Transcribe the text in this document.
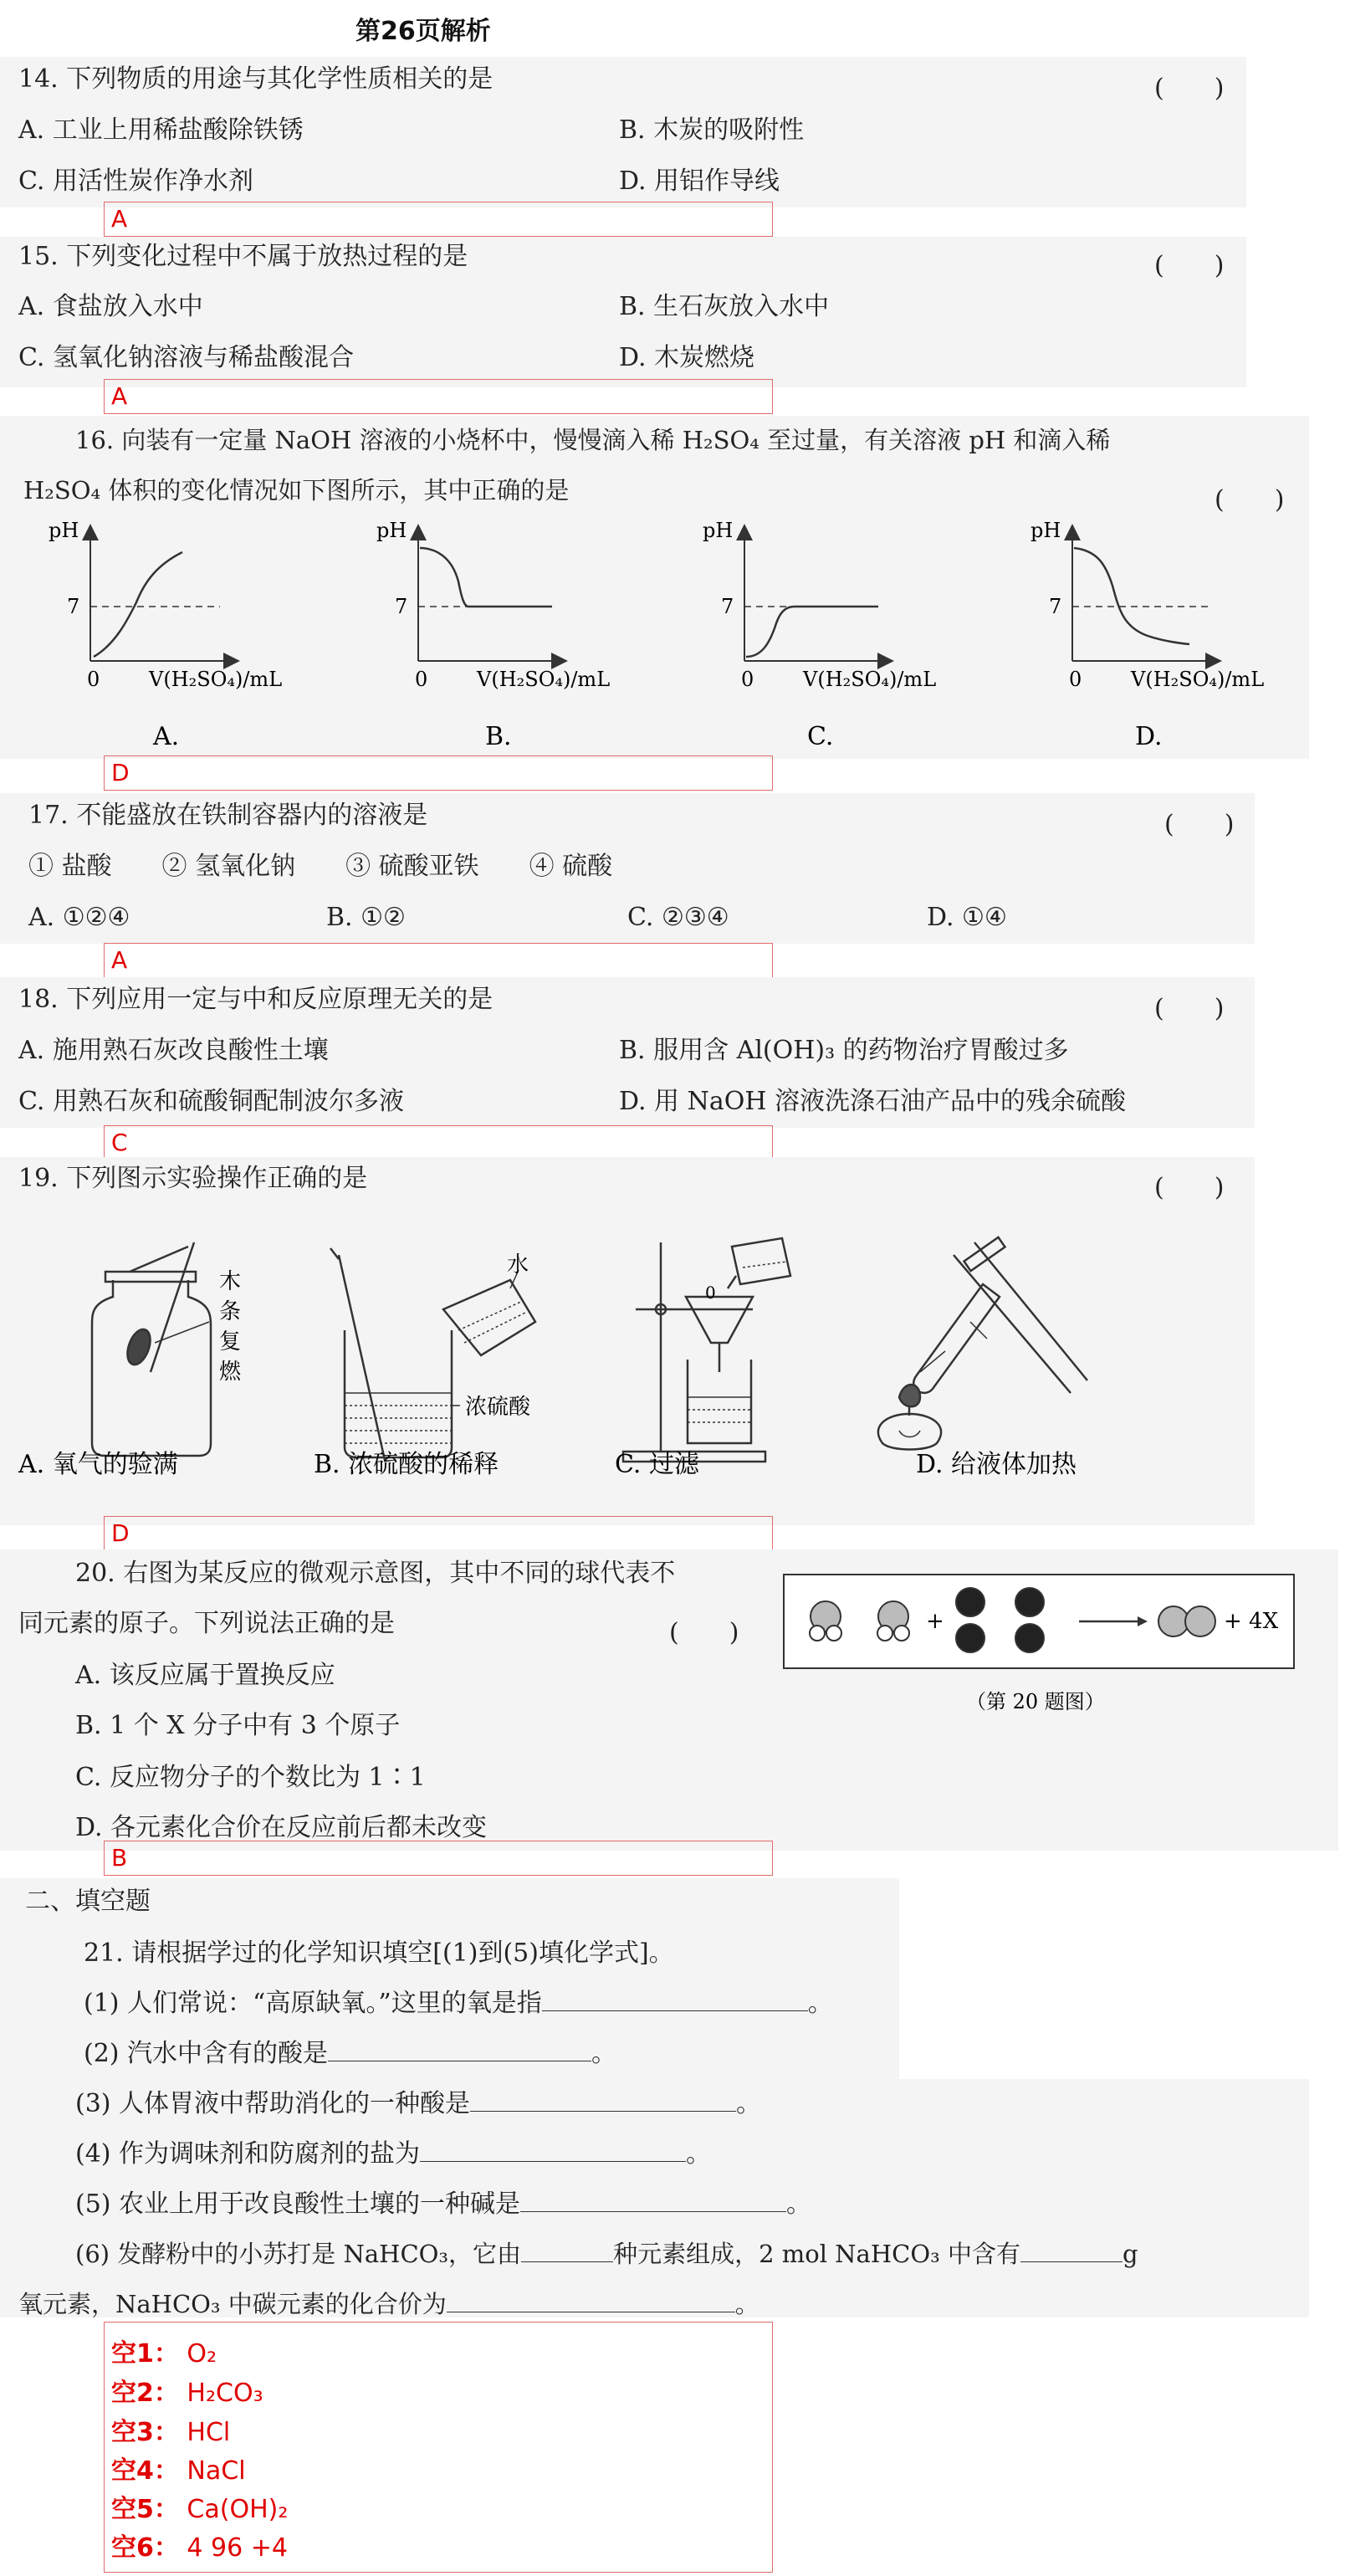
第26页解析
14. 下列物质的用途与其化学性质相关的是	(　　)
A. 工业上用稀盐酸除铁锈	B. 木炭的吸附性
C. 用活性炭作净水剂	D. 用铝作导线
A
15. 下列变化过程中不属于放热过程的是	(　　)
A. 食盐放入水中	B. 生石灰放入水中
C. 氢氧化钠溶液与稀盐酸混合	D. 木炭燃烧
A
16. 向装有一定量 NaOH 溶液的小烧杯中，慢慢滴入稀 H₂SO₄ 至过量，有关溶液 pH 和滴入稀
H₂SO₄ 体积的变化情况如下图所示，其中正确的是	(　　)
pH
7
0 V(H₂SO₄)/mL
A.
pH
7
0 V(H₂SO₄)/mL
B.
pH
7
0 V(H₂SO₄)/mL
C.
pH
7
0 V(H₂SO₄)/mL
D.
D
17. 不能盛放在铁制容器内的溶液是	(　　)
① 盐酸　　② 氢氧化钠　　③ 硫酸亚铁　　④ 硫酸
A. ①②④	B. ①②	C. ②③④	D. ①④
A
18. 下列应用一定与中和反应原理无关的是	(　　)
A. 施用熟石灰改良酸性土壤	B. 服用含 Al(OH)₃ 的药物治疗胃酸过多
C. 用熟石灰和硫酸铜配制波尔多液	D. 用 NaOH 溶液洗涤石油产品中的残余硫酸
C
19. 下列图示实验操作正确的是	(　　)
木
条
复
燃
水
浓硫酸
0
A. 氧气的验满	B. 浓硫酸的稀释	C. 过滤	D. 给液体加热
D
20. 右图为某反应的微观示意图，其中不同的球代表不
同元素的原子。下列说法正确的是	(　　)
A. 该反应属于置换反应
B. 1 个 X 分子中有 3 个原子
C. 反应物分子的个数比为 1∶1
D. 各元素化合价在反应前后都未改变
+	+ 4X
（第 20 题图）
B
二、填空题
21. 请根据学过的化学知识填空[(1)到(5)填化学式]。
(1) 人们常说：“高原缺氧。”这里的氧是指	。
(2) 汽水中含有的酸是	。
(3) 人体胃液中帮助消化的一种酸是	。
(4) 作为调味剂和防腐剂的盐为	。
(5) 农业上用于改良酸性土壤的一种碱是	。
(6) 发酵粉中的小苏打是 NaHCO₃，它由	种元素组成，2 mol NaHCO₃ 中含有	g
氧元素，NaHCO₃ 中碳元素的化合价为	。
空1： O₂
空2： H₂CO₃
空3： HCl
空4： NaCl
空5： Ca(OH)₂
空6： 4 96 +4
